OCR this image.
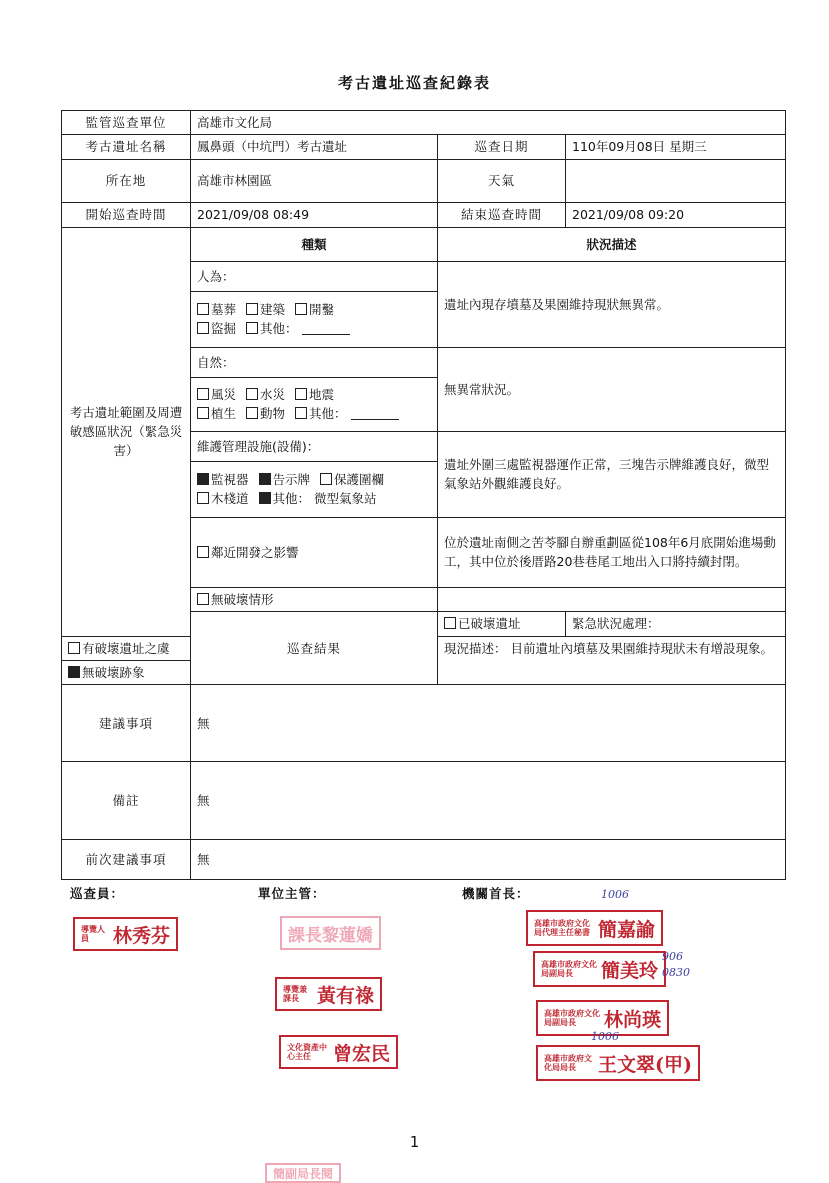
考古遺址巡查紀錄表
監管巡查單位	高雄市文化局		
考古遺址名稱	鳳鼻頭（中坑門）考古遺址	巡查日期	110年09月08日 星期三
所在地	高雄市林園區	天氣	
開始巡查時間	2021/09/08 08:49	結束巡查時間	2021/09/08 09:20
考古遺址範圍及周遭敏感區狀況（緊急災害）	種類	狀況描述	
	人為：	遺址內現存墳墓及果園維持現狀無異常。	
	墓葬 建築 開鑿
盜掘 其他：		
	自然：	無異常狀況。	
	風災 水災 地震
植生 動物 其他：		
	維護管理設施(設備)：	遺址外圍三處監視器運作正常，三塊告示牌維護良好，微型氣象站外觀維護良好。	
	監視器 告示牌 保護圍欄
木棧道 其他： 微型氣象站		
	鄰近開發之影響	位於遺址南側之苦苓腳自辦重劃區從108年6月底開始進場動工，其中位於後厝路20巷巷尾工地出入口將持續封閉。	
	無破壞情形		
	巡查結果	已破壞遺址	緊急狀況處理：
有破壞遺址之虞		現況描述： 目前遺址內墳墓及果園維持現狀未有增設現象。	
無破壞跡象			
建議事項	無		
備註	無		
前次建議事項	無		
巡查員：	單位主管：	機關首長：
導覽人員	林秀芬	課長黎蓮嬌
導覽兼課長 黃有祿
文化資產中心主任	曾宏民
高雄市政府文化局代理主任秘書 簡嘉諭
高雄市政府文化局副局長	簡美玲
高雄市政府文化局副局長	林尚瑛
高雄市政府文化局局長	王文翠(甲)
簡副局長閱
1006
906
0830
1006
1
